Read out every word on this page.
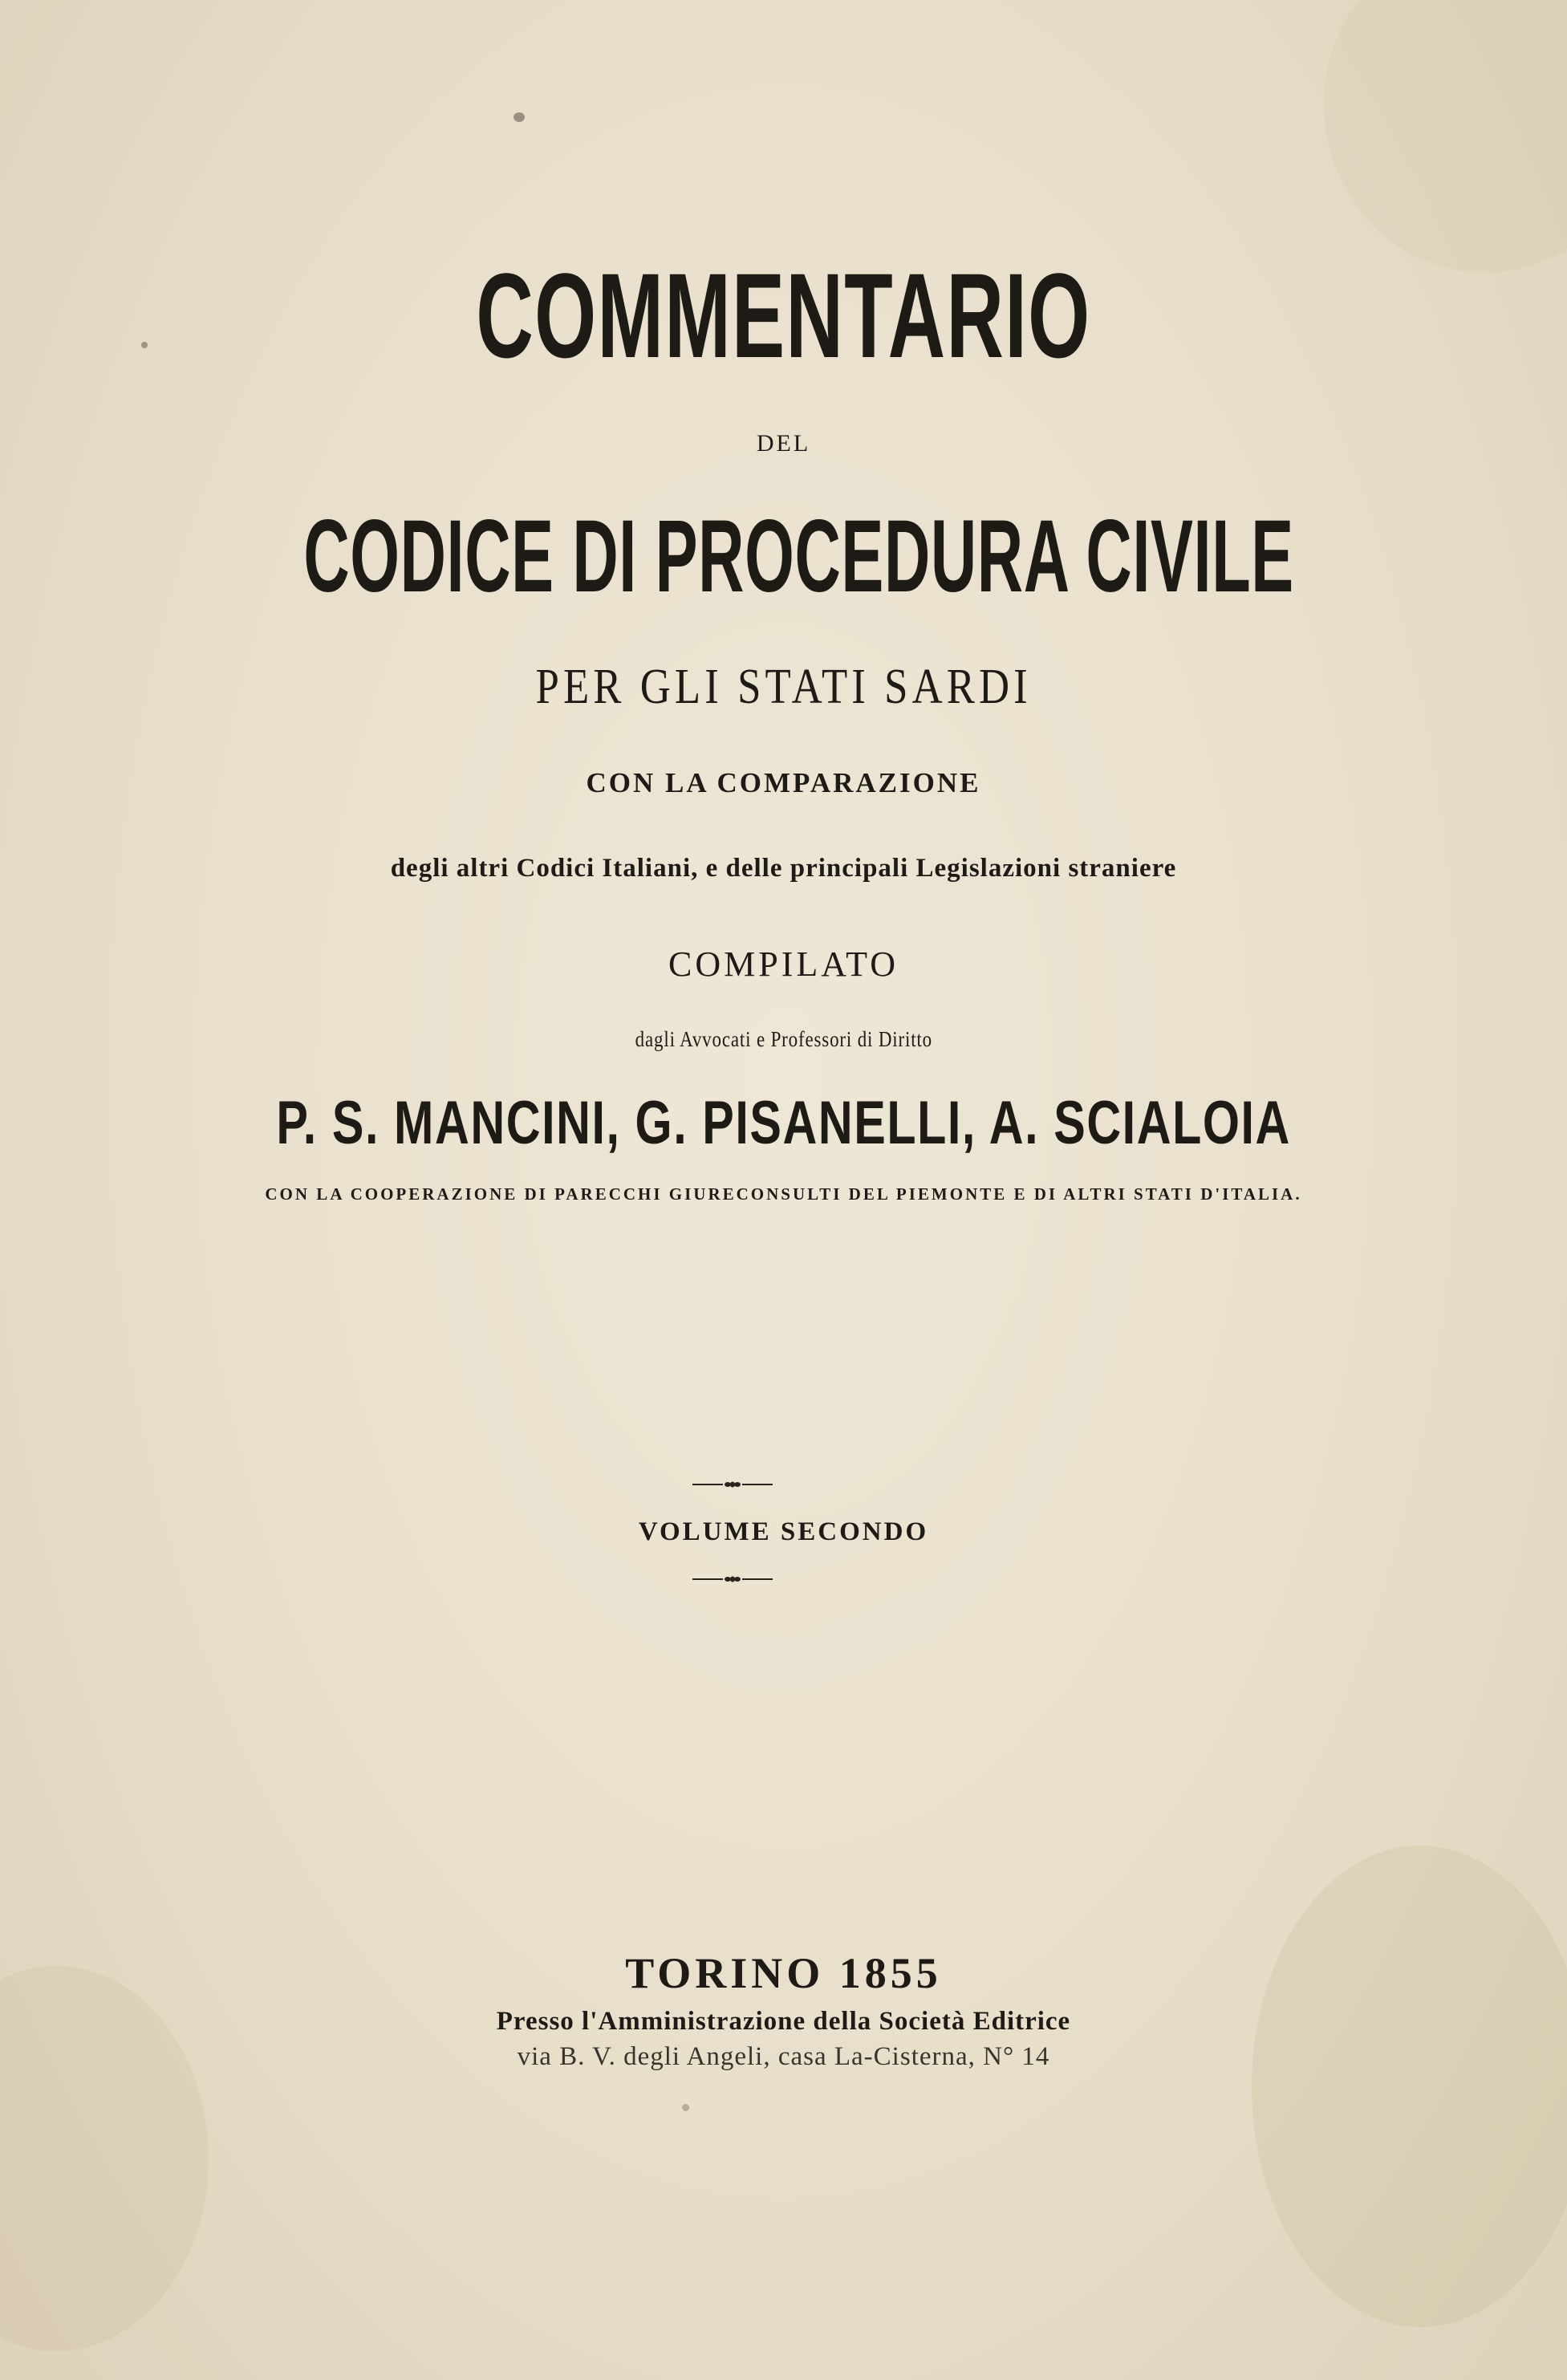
COMMENTARIO
DEL
CODICE DI PROCEDURA CIVILE
PER GLI STATI SARDI
CON LA COMPARAZIONE
degli altri Codici Italiani, e delle principali Legislazioni straniere
COMPILATO
dagli Avvocati e Professori di Diritto
P. S. MANCINI, G. PISANELLI, A. SCIALOIA
CON LA COOPERAZIONE DI PARECCHI GIURECONSULTI DEL PIEMONTE E DI ALTRI STATI D'ITALIA.
VOLUME SECONDO
TORINO 1855
Presso l'Amministrazione della Società Editrice
via B. V. degli Angeli, casa La-Cisterna, N° 14
